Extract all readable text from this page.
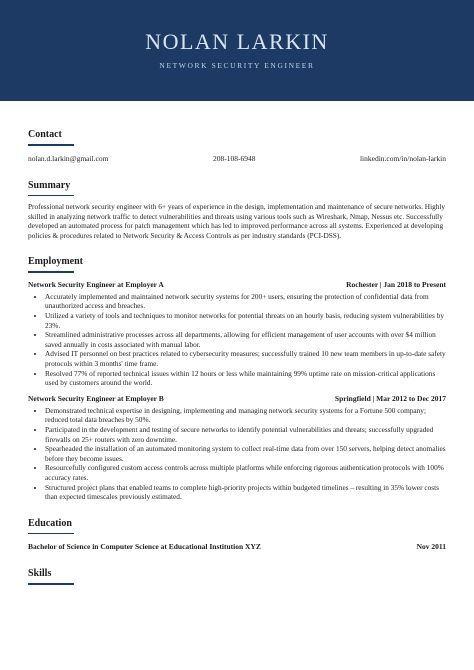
NOLAN LARKIN
NETWORK SECURITY ENGINEER
Contact
nolan.d.larkin@gmail.com	208-108-6948	linkedin.com/in/nolan-larkin
Summary
Professional network security engineer with 6+ years of experience in the design, implementation and maintenance of secure networks. Highly skilled in analyzing network traffic to detect vulnerabilities and threats using various tools such as Wireshark, Nmap, Nessus etc. Successfully developed an automated process for patch management which has led to improved performance across all systems. Experienced at developing policies & procedures related to Network Security & Access Controls as per industry standards (PCI-DSS).
Employment
Network Security Engineer at Employer A	Rochester | Jan 2018 to Present
• Accurately implemented and maintained network security systems for 200+ users, ensuring the protection of confidential data from unauthorized access and breaches.
• Utilized a variety of tools and techniques to monitor networks for potential threats on an hourly basis, reducing system vulnerabilities by 23%.
• Streamlined administrative processes across all departments, allowing for efficient management of user accounts with over $4 million saved annually in costs associated with manual labor.
• Advised IT personnel on best practices related to cybersecurity measures; successfully trained 10 new team members in up-to-date safety protocols within 3 months' time frame.
• Resolved 77% of reported technical issues within 12 hours or less while maintaining 99% uptime rate on mission-critical applications used by customers around the world.
Network Security Engineer at Employer B	Springfield | Mar 2012 to Dec 2017
• Demonstrated technical expertise in designing, implementing and managing network security systems for a Fortune 500 company; reduced total data breaches by 50%.
• Participated in the development and testing of secure networks to identify potential vulnerabilities and threats; successfully upgraded firewalls on 25+ routers with zero downtime.
• Spearheaded the installation of an automated monitoring system to collect real-time data from over 150 servers, helping detect anomalies before they become issues.
• Resourcefully configured custom access controls across multiple platforms while enforcing rigorous authentication protocols with 100% accuracy rates.
• Structured project plans that enabled teams to complete high-priority projects within budgeted timelines – resulting in 35% lower costs than expected timescales previously estimated.
Education
Bachelor of Science in Computer Science at Educational Institution XYZ	Nov 2011
Skills
